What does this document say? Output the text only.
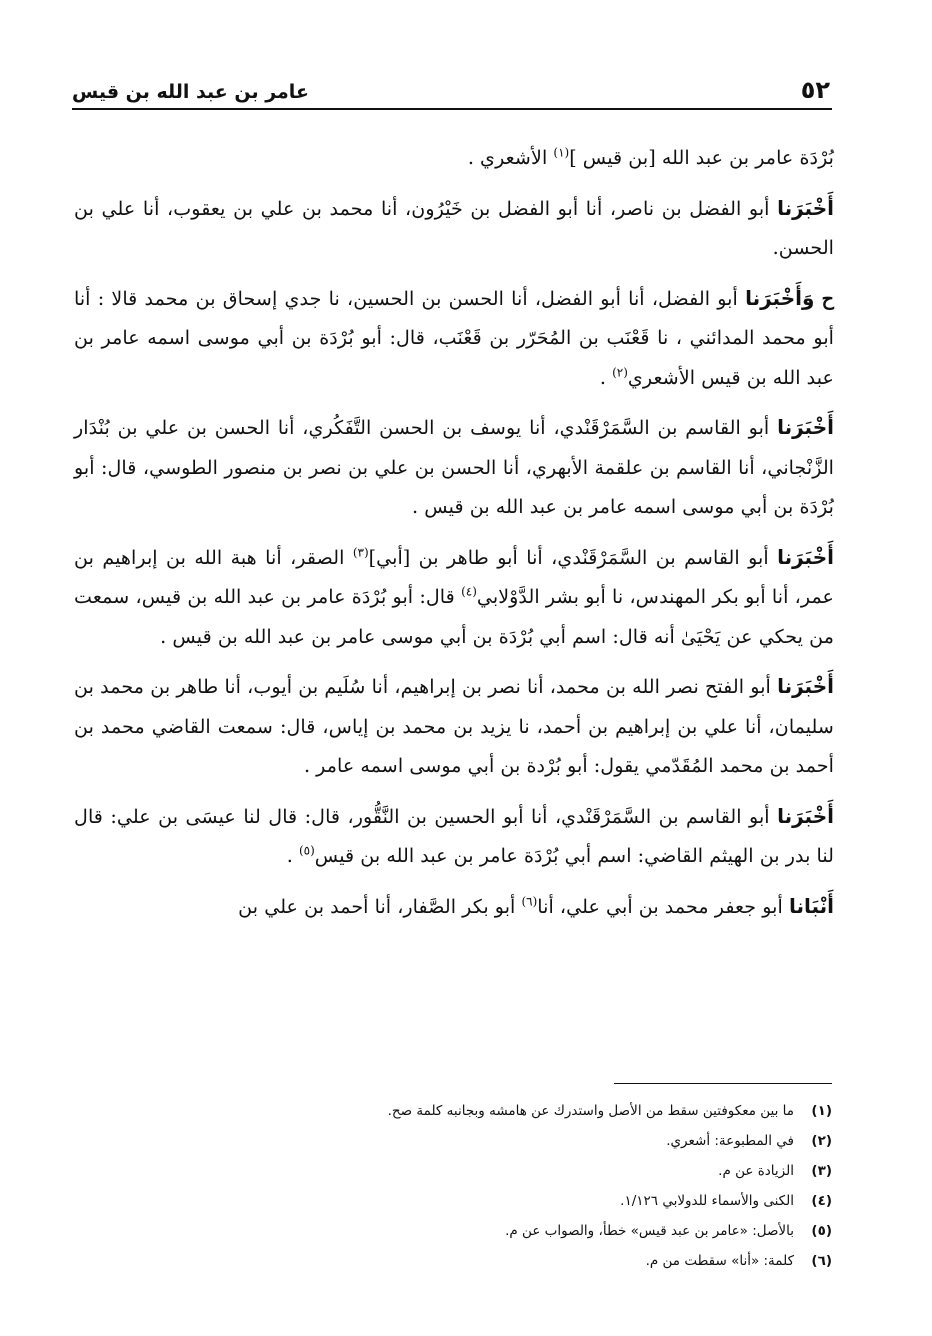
٥٢
عامر بن عبد الله بن قيس

بُرْدَة عامر بن عبد الله [بن قيس ]$^{(١)}$ الأشعري .

أَخْبَرَنا أبو الفضل بن ناصر، أنا أبو الفضل بن خَيْرُون، أنا محمد بن علي بن يعقوب، أنا علي بن الحسن.

ح وَأَخْبَرَنا أبو الفضل، أنا أبو الفضل، أنا الحسن بن الحسين، نا جدي إسحاق بن محمد قالا : أنا أبو محمد المدائني ، نا قَعْنَب بن المُحَرّر بن قَعْنَب، قال: أبو بُرْدَة بن أبي موسى اسمه عامر بن عبد الله بن قيس الأشعري$^{(٢)}$ .

أَخْبَرَنا أبو القاسم بن السَّمَرْقَنْدي، أنا يوسف بن الحسن التَّفَكُري، أنا الحسن بن علي بن بُنْدَار الزَّنْجاني، أنا القاسم بن علقمة الأبهري، أنا الحسن بن علي بن نصر بن منصور الطوسي، قال: أبو بُرْدَة بن أبي موسى اسمه عامر بن عبد الله بن قيس .

أَخْبَرَنا أبو القاسم بن السَّمَرْقَنْدي، أنا أبو طاهر بن [أبي]$^{(٣)}$ الصقر، أنا هبة الله بن إبراهيم بن عمر، أنا أبو بكر المهندس، نا أبو بشر الدَّوْلابي$^{(٤)}$ قال: أبو بُرْدَة عامر بن عبد الله بن قيس، سمعت من يحكي عن يَحْيَىٰ أنه قال: اسم أبي بُرْدَة بن أبي موسى عامر بن عبد الله بن قيس .

أَخْبَرَنا أبو الفتح نصر الله بن محمد، أنا نصر بن إبراهيم، أنا سُلَيم بن أيوب، أنا طاهر بن محمد بن سليمان، أنا علي بن إبراهيم بن أحمد، نا يزيد بن محمد بن إياس، قال: سمعت القاضي محمد بن أحمد بن محمد المُقَدّمي يقول: أبو بُرْدة بن أبي موسى اسمه عامر .

أَخْبَرَنا أبو القاسم بن السَّمَرْقَنْدي، أنا أبو الحسين بن النَّقُّور، قال: قال لنا عيسَى بن علي: قال لنا بدر بن الهيثم القاضي: اسم أبي بُرْدَة عامر بن عبد الله بن قيس$^{(٥)}$ .

أَنْبَانا أبو جعفر محمد بن أبي علي، أنا$^{(٦)}$ أبو بكر الصَّفار، أنا أحمد بن علي بن

(١)
ما بين معكوفتين سقط من الأصل واستدرك عن هامشه وبجانبه كلمة صح.
(٢)
في المطبوعة: أشعري.
(٣)
الزيادة عن م.
(٤)
الكنى والأسماء للدولابي ١/١٢٦.
(٥)
بالأصل: «عامر بن عبد قيس» خطأ، والصواب عن م.
(٦)
كلمة: «أنا» سقطت من م.
